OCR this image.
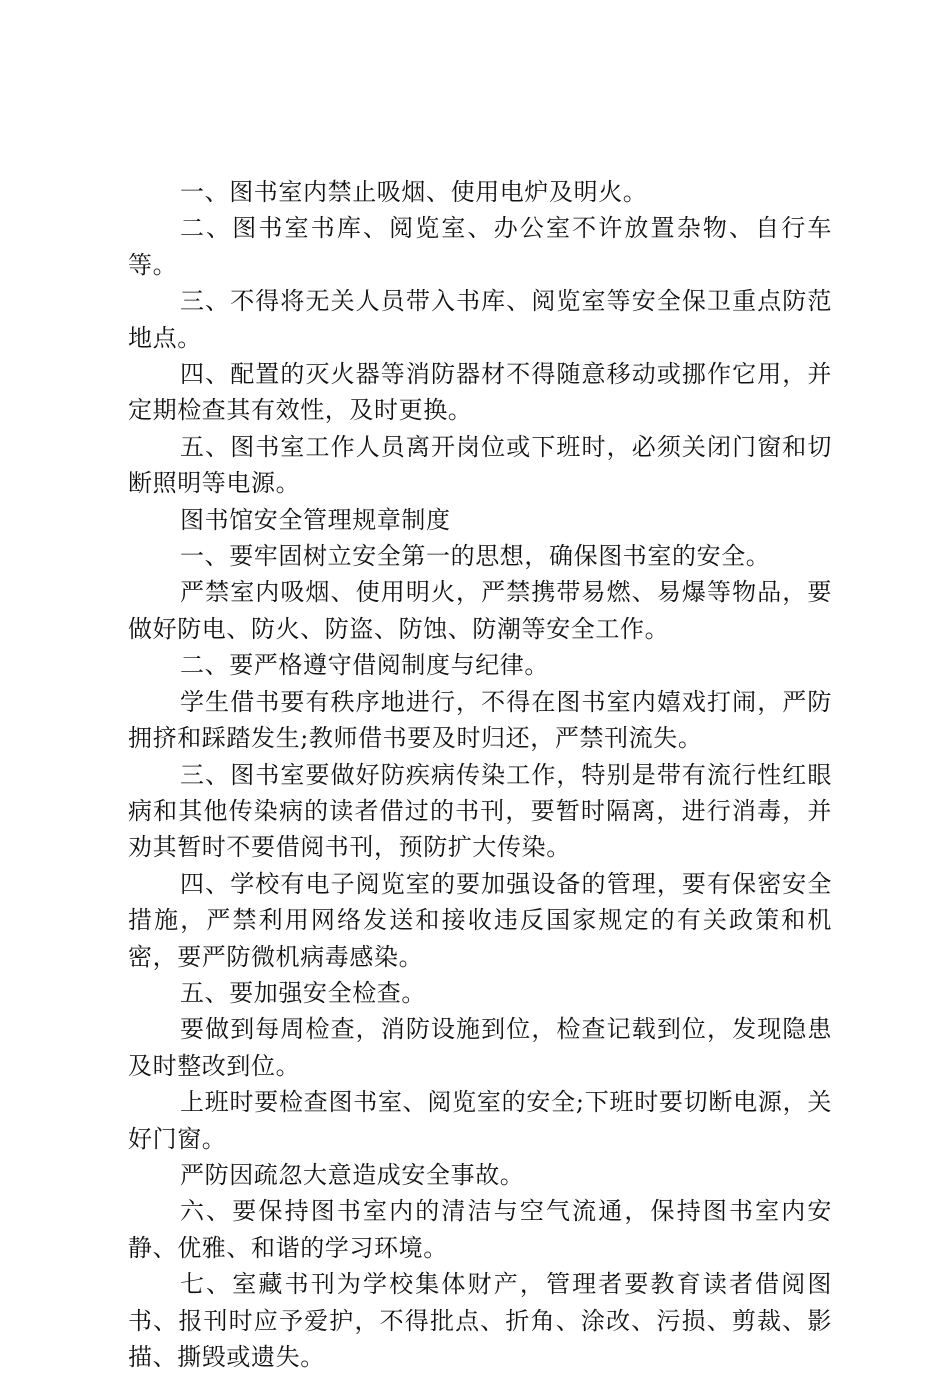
一、图书室内禁止吸烟、使用电炉及明火。

二、图书室书库、阅览室、办公室不许放置杂物、自行车等。

三、不得将无关人员带入书库、阅览室等安全保卫重点防范地点。

四、配置的灭火器等消防器材不得随意移动或挪作它用，并定期检查其有效性，及时更换。

五、图书室工作人员离开岗位或下班时，必须关闭门窗和切断照明等电源。

图书馆安全管理规章制度

一、要牢固树立安全第一的思想，确保图书室的安全。

严禁室内吸烟、使用明火，严禁携带易燃、易爆等物品，要做好防电、防火、防盗、防蚀、防潮等安全工作。

二、要严格遵守借阅制度与纪律。

学生借书要有秩序地进行，不得在图书室内嬉戏打闹，严防拥挤和踩踏发生;教师借书要及时归还，严禁刊流失。

三、图书室要做好防疾病传染工作，特别是带有流行性红眼病和其他传染病的读者借过的书刊，要暂时隔离，进行消毒，并劝其暂时不要借阅书刊，预防扩大传染。

四、学校有电子阅览室的要加强设备的管理，要有保密安全措施，严禁利用网络发送和接收违反国家规定的有关政策和机密，要严防微机病毒感染。

五、要加强安全检查。

要做到每周检查，消防设施到位，检查记载到位，发现隐患及时整改到位。

上班时要检查图书室、阅览室的安全;下班时要切断电源，关好门窗。

严防因疏忽大意造成安全事故。

六、要保持图书室内的清洁与空气流通，保持图书室内安静、优雅、和谐的学习环境。

七、室藏书刊为学校集体财产，管理者要教育读者借阅图书、报刊时应予爱护，不得批点、折角、涂改、污损、剪裁、影描、撕毁或遗失。
